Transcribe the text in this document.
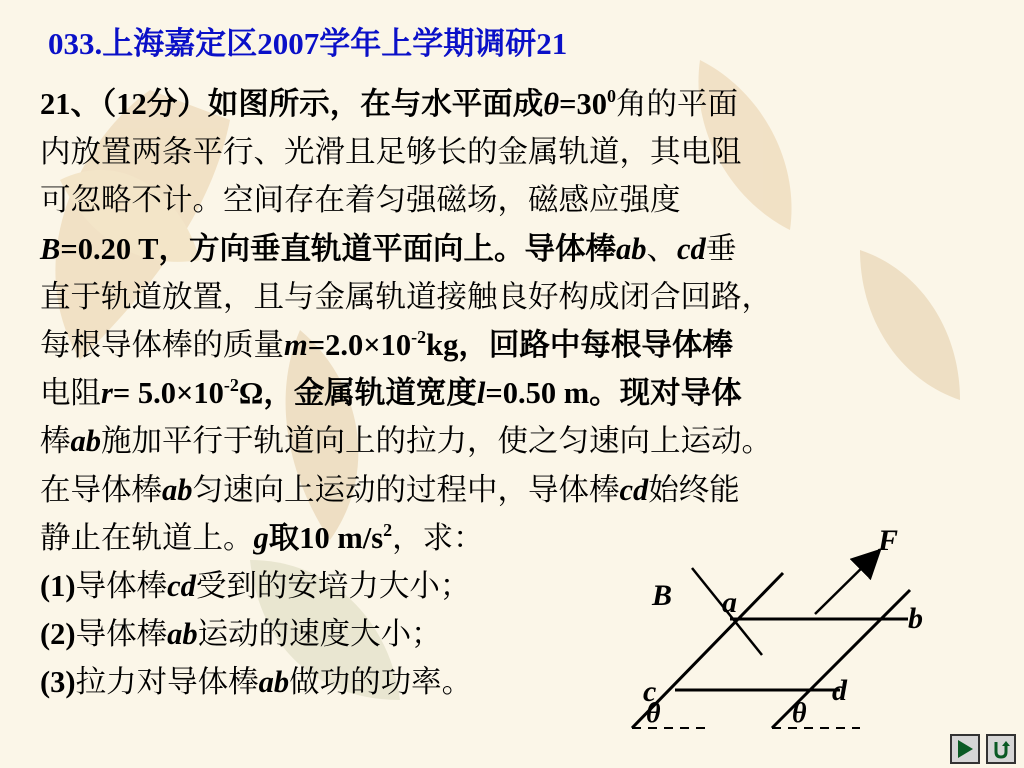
033.上海嘉定区2007学年上学期调研21
21、（12分）如图所示，在与水平面成$\theta=30^0$角的平面
内放置两条平行、光滑且足够长的金属轨道，其电阻
可忽略不计。空间存在着匀强磁场，磁感应强度
B=0.20 T，方向垂直轨道平面向上。导体棒ab、cd垂
直于轨道放置，且与金属轨道接触良好构成闭合回路，
每根导体棒的质量$m=2.0\times 10^{-2}kg$，回路中每根导体棒
电阻$r= 5.0\times 10^{-2}\Omega$，金属轨道宽度l=0.50 m。现对导体
棒ab施加平行于轨道向上的拉力，使之匀速向上运动。
在导体棒ab匀速向上运动的过程中，导体棒cd始终能
静止在轨道上。g取10 $m/s^2$，求：
(1)导体棒cd受到的安培力大小；
(2)导体棒ab运动的速度大小；
(3)拉力对导体棒ab做功的功率。
F
B a	b
c	d
θ	θ
